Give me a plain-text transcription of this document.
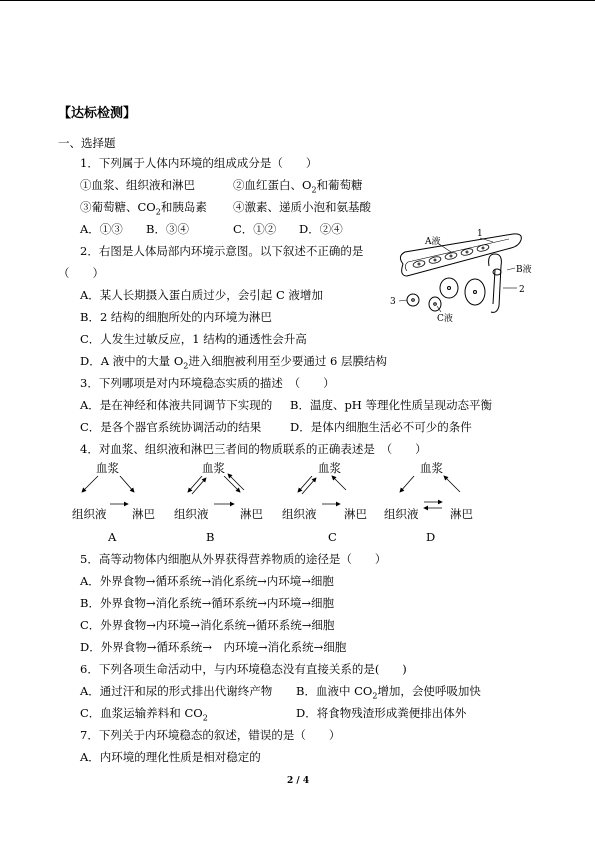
【达标检测】
一、选择题
1．下列属于人体内环境的组成成分是（　　）
①血浆、组织液和淋巴	②血红蛋白、$O_2$和葡萄糖
③葡萄糖、$CO_2$和胰岛素 ④激素、递质小泡和氨基酸
A．①③ B．③④	C．①② D．②④
2．右图是人体局部内环境示意图。以下叙述不正确的是
（　　）
A．某人长期摄入蛋白质过少，会引起 C 液增加
B．2 结构的细胞所处的内环境为淋巴
C．人发生过敏反应，1 结构的通透性会升高
D．A 液中的大量 $O_2$进入细胞被利用至少要通过 6 层膜结构
A液
1
B液
2
3
C液
3．下列哪项是对内环境稳态实质的描述　（　　）
A．是在神经和体液共同调节下实现的 B．温度、pH 等理化性质呈现动态平衡
C．是各个器官系统协调活动的结果 D．是体内细胞生活必不可少的条件
4．对血浆、组织液和淋巴三者间的物质联系的正确表述是　（　　）
血浆
组织液 淋巴
A
血浆
组织液	淋巴
B
血浆
组织液 淋巴
C
血浆
组织液	淋巴
D
5．高等动物体内细胞从外界获得营养物质的途径是（　　）
A．外界食物→循环系统→消化系统→内环境→细胞
B．外界食物→消化系统→循环系统→内环境→细胞
C．外界食物→内环境→消化系统→循环系统→细胞
D．外界食物→循环系统→　内环境→消化系统→细胞
6．下列各项生命活动中，与内环境稳态没有直接关系的是(　　)
A．通过汗和尿的形式排出代谢终产物 B．血液中 $CO_2$增加，会使呼吸加快
C．血浆运输养料和 $CO_2$	D．将食物残渣形成粪便排出体外
7．下列关于内环境稳态的叙述，错误的是（　　）
A．内环境的理化性质是相对稳定的
2 / 4
